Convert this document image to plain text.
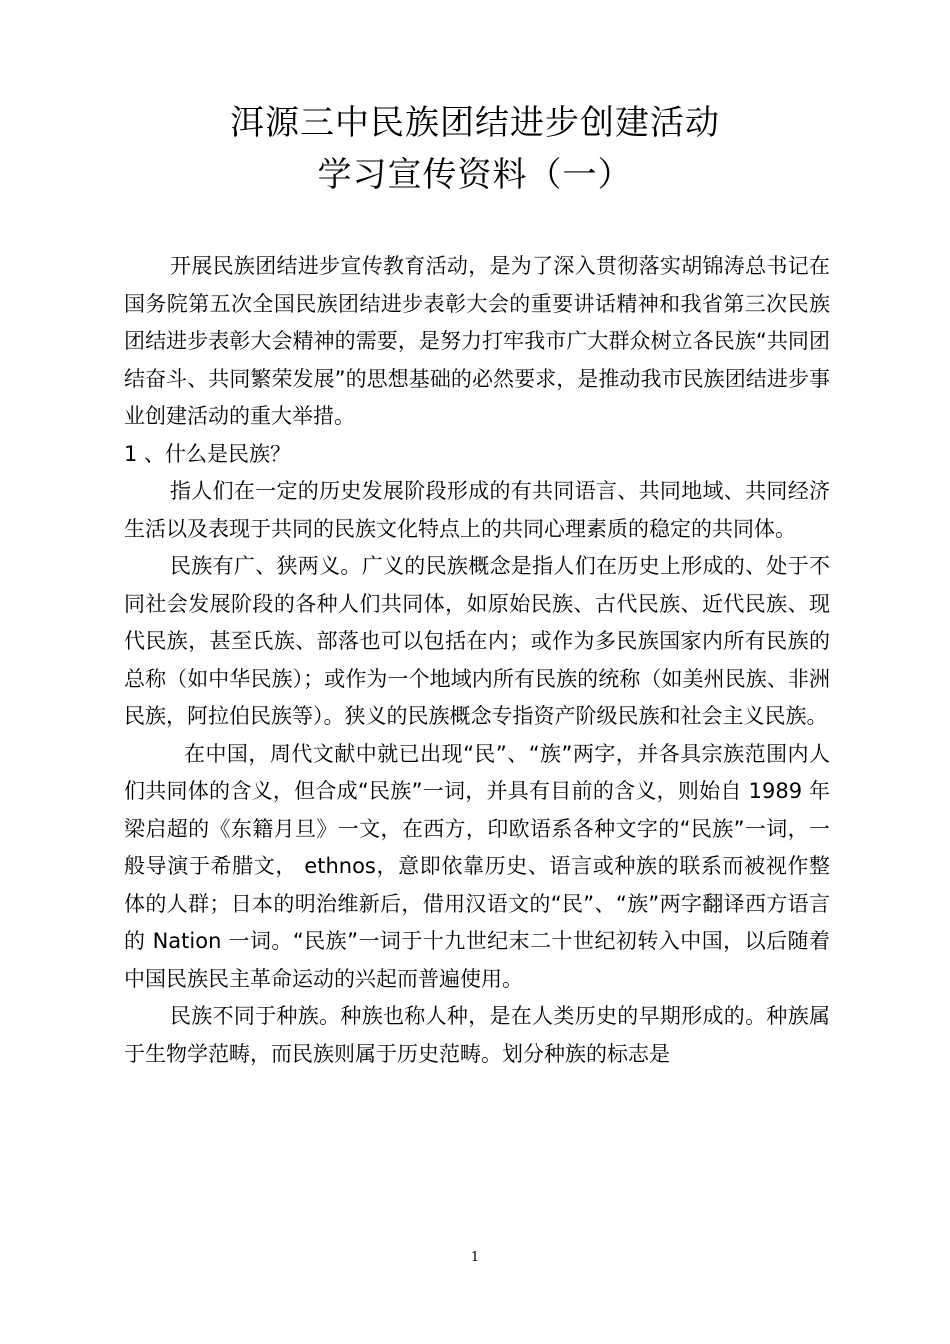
洱源三中民族团结进步创建活动
学习宣传资料（一）

开展民族团结进步宣传教育活动，是为了深入贯彻落实胡锦涛总书记在国务院第五次全国民族团结进步表彰大会的重要讲话精神和我省第三次民族团结进步表彰大会精神的需要，是努力打牢我市广大群众树立各民族“共同团结奋斗、共同繁荣发展”的思想基础的必然要求，是推动我市民族团结进步事业创建活动的重大举措。

1 、什么是民族？

指人们在一定的历史发展阶段形成的有共同语言、共同地域、共同经济生活以及表现于共同的民族文化特点上的共同心理素质的稳定的共同体。

民族有广、狭两义。广义的民族概念是指人们在历史上形成的、处于不同社会发展阶段的各种人们共同体，如原始民族、古代民族、近代民族、现代民族，甚至氏族、部落也可以包括在内；或作为多民族国家内所有民族的总称（如中华民族）；或作为一个地域内所有民族的统称（如美州民族、非洲民族，阿拉伯民族等）。狭义的民族概念专指资产阶级民族和社会主义民族。

在中国，周代文献中就已出现“民”、“族”两字，并各具宗族范围内人们共同体的含义，但合成“民族”一词，并具有目前的含义，则始自 1989 年梁启超的《东籍月旦》一文，在西方，印欧语系各种文字的“民族”一词，一般导演于希腊文， ethnos，意即依靠历史、语言或种族的联系而被视作整体的人群；日本的明治维新后，借用汉语文的“民”、“族”两字翻译西方语言的 Nation 一词。“民族”一词于十九世纪末二十世纪初转入中国，以后随着中国民族民主革命运动的兴起而普遍使用。

民族不同于种族。种族也称人种，是在人类历史的早期形成的。种族属于生物学范畴，而民族则属于历史范畴。划分种族的标志是

1
